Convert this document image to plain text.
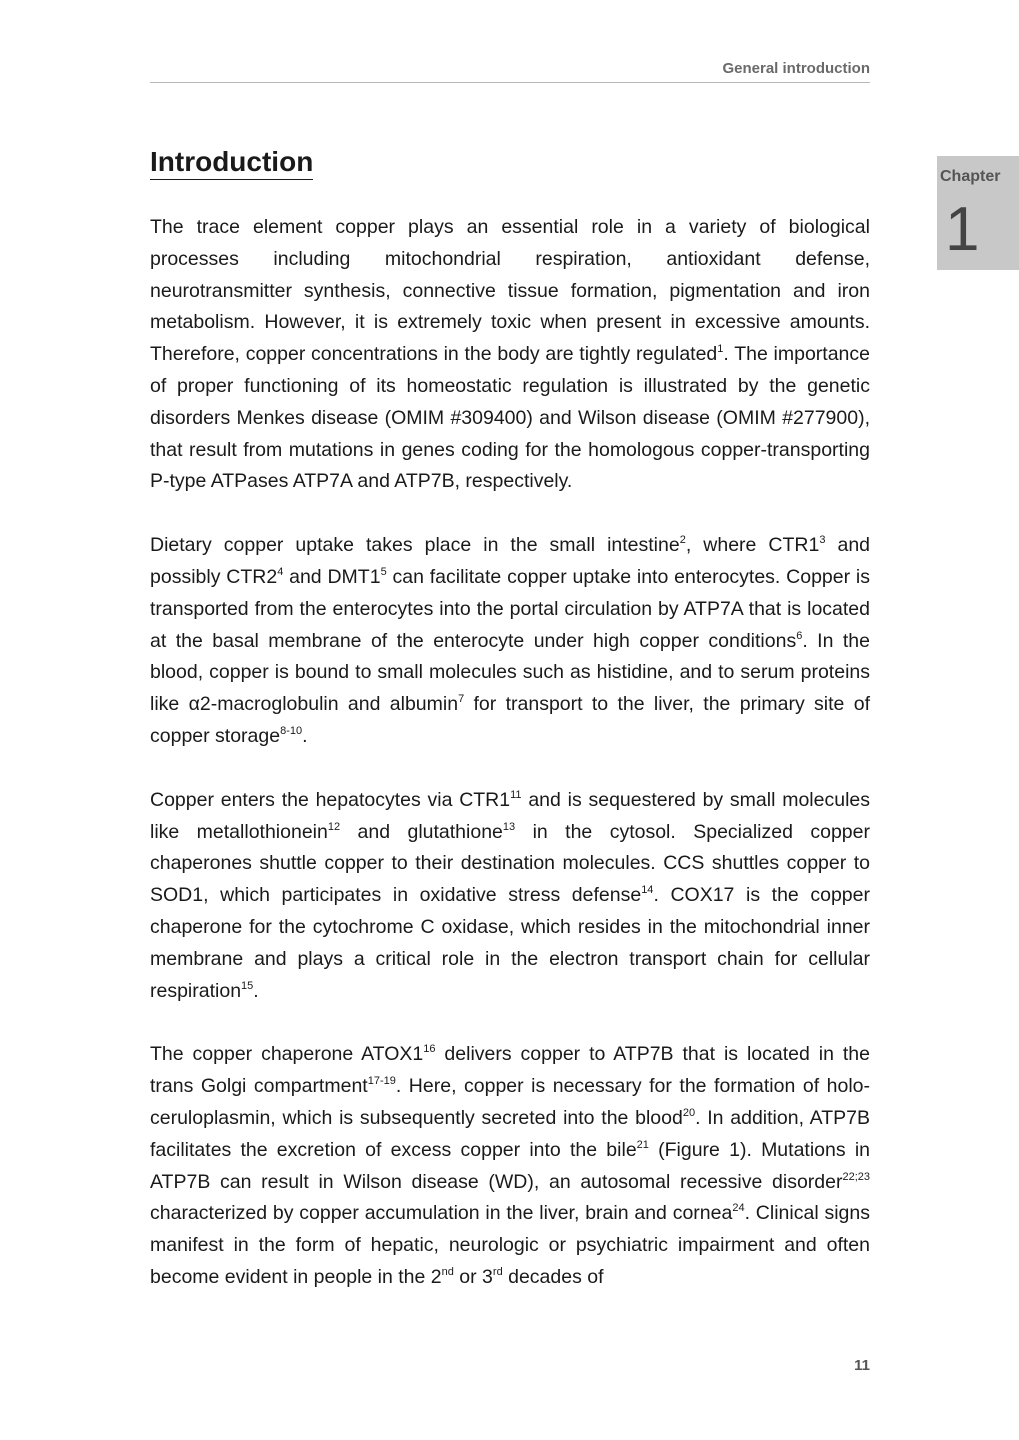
General introduction
Chapter
1
Introduction

The trace element copper plays an essential role in a variety of biological processes including mitochondrial respiration, antioxidant defense, neurotransmitter synthesis, connective tissue formation, pigmentation and iron metabolism. However, it is extremely toxic when present in excessive amounts. Therefore, copper concentrations in the body are tightly regulated$^1$. The importance of proper functioning of its homeostatic regulation is illustrated by the genetic disorders Menkes disease (OMIM #309400) and Wilson disease (OMIM #277900), that result from mutations in genes coding for the homologous copper-transporting P-type ATPases ATP7A and ATP7B, respectively.

Dietary copper uptake takes place in the small intestine$^2$, where $CTR1^3$ and possibly $CTR2^4$ and $DMT1^5$ can facilitate copper uptake into enterocytes. Copper is transported from the enterocytes into the portal circulation by ATP7A that is located at the basal membrane of the enterocyte under high copper conditions$^6$. In the blood, copper is bound to small molecules such as histidine, and to serum proteins like α2-macroglobulin and albumin$^7$ for transport to the liver, the primary site of copper storage$^{8-10}$.

Copper enters the hepatocytes via $CTR1^{11}$ and is sequestered by small molecules like metallothionein$^{12}$ and glutathione$^{13}$ in the cytosol. Specialized copper chaperones shuttle copper to their destination molecules. CCS shuttles copper to SOD1, which participates in oxidative stress defense$^{14}$. COX17 is the copper chaperone for the cytochrome C oxidase, which resides in the mitochondrial inner membrane and plays a critical role in the electron transport chain for cellular respiration$^{15}$.

The copper chaperone $ATOX1^{16}$ delivers copper to ATP7B that is located in the trans Golgi compartment$^{17-19}$. Here, copper is necessary for the formation of holo-ceruloplasmin, which is subsequently secreted into the blood$^{20}$. In addition, ATP7B facilitates the excretion of excess copper into the bile$^{21}$ (Figure 1). Mutations in ATP7B can result in Wilson disease (WD), an autosomal recessive disorder$^{22;23}$ characterized by copper accumulation in the liver, brain and cornea$^{24}$. Clinical signs manifest in the form of hepatic, neurologic or psychiatric impairment and often become evident in people in the 2nd or 3rd decades of

11
